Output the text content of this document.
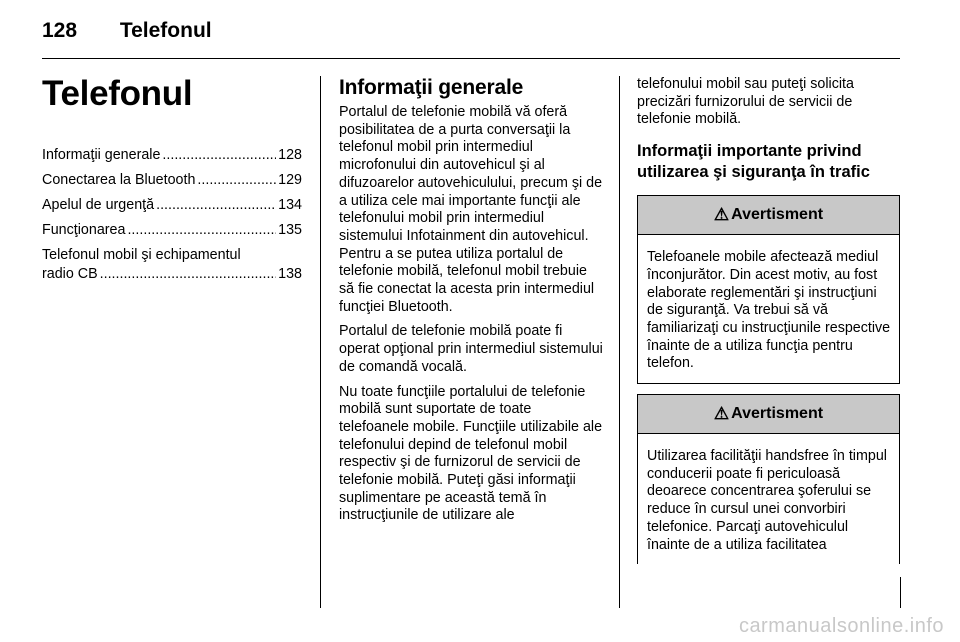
128 Telefonul
Telefonul
Informaţii generale .....	128
Conectarea la Bluetooth .....	129
Apelul de urgenţă .....	134
Funcţionarea .....	135
Telefonul mobil şi echipamentul
radio CB .....	138
Informaţii generale
Portalul de telefonie mobilă vă oferă posibilitatea de a purta conversaţii la telefonul mobil prin intermediul microfonului din autovehicul şi al difuzoarelor autovehiculului, precum şi de a utiliza cele mai importante funcţii ale telefonului mobil prin intermediul sistemului Infotainment din autovehicul. Pentru a se putea utiliza portalul de telefonie mobilă, telefonul mobil trebuie să fie conectat la acesta prin intermediul funcţiei Bluetooth.
Portalul de telefonie mobilă poate fi operat opţional prin intermediul sistemului de comandă vocală.
Nu toate funcţiile portalului de telefonie mobilă sunt suportate de toate telefoanele mobile. Funcţiile utilizabile ale telefonului depind de telefonul mobil respectiv şi de furnizorul de servicii de telefonie mobilă. Puteţi găsi informaţii suplimentare pe această temă în instrucţiunile de utilizare ale
telefonului mobil sau puteţi solicita precizări furnizorului de servicii de telefonie mobilă.
Informaţii importante privind utilizarea şi siguranţa în trafic
⚠ Avertisment
Telefoanele mobile afectează mediul înconjurător. Din acest motiv, au fost elaborate reglementări şi instrucţiuni de siguranţă. Va trebui să vă familiarizaţi cu instrucţiunile respective înainte de a utiliza funcţia pentru telefon.
⚠ Avertisment
Utilizarea facilităţii handsfree în timpul conducerii poate fi periculoasă deoarece concentrarea şoferului se reduce în cursul unei convorbiri telefonice. Parcaţi autovehiculul înainte de a utiliza facilitatea
carmanualsonline.info
